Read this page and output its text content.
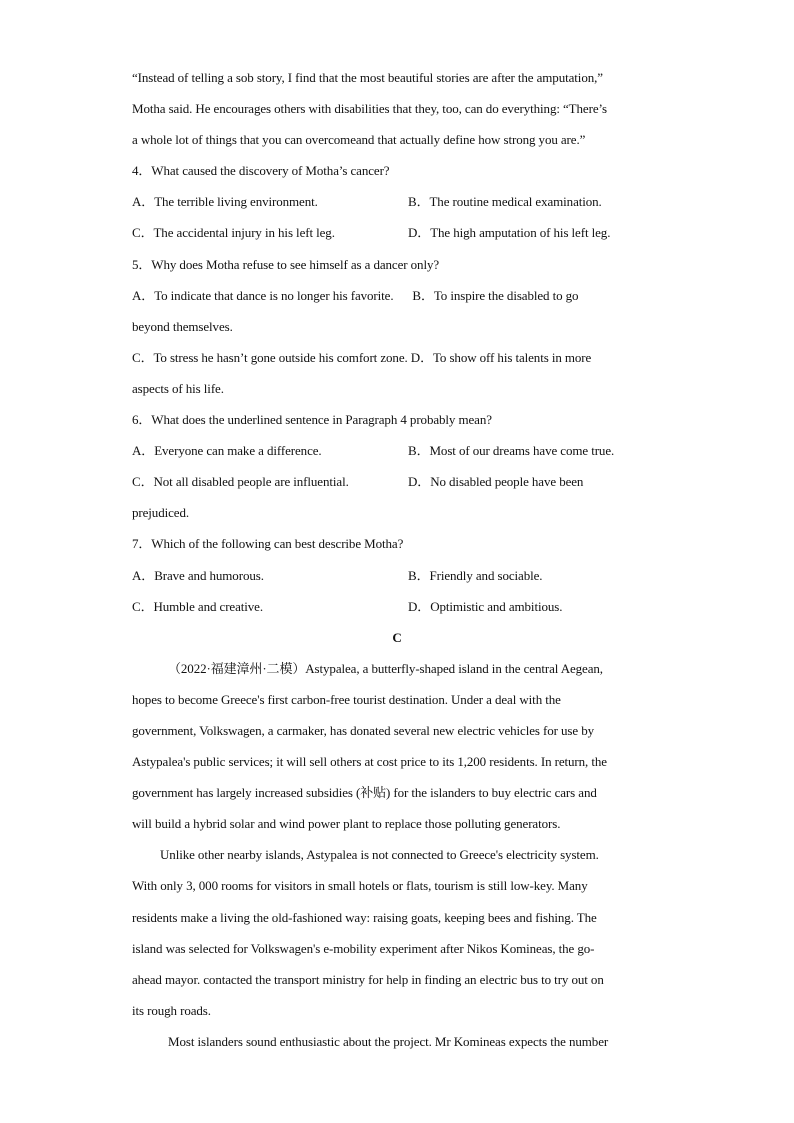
“Instead of telling a sob story, I find that the most beautiful stories are after the amputation,”
Motha said. He encourages others with disabilities that they, too, can do everything: “There’s
a whole lot of things that you can overcomeand that actually define how strong you are.”
4．What caused the discovery of Motha’s cancer?
A．The terrible living environment.	B．The routine medical examination.
C．The accidental injury in his left leg.	D．The high amputation of his left leg.
5．Why does Motha refuse to see himself as a dancer only?
A．To indicate that dance is no longer his favorite.      B．To inspire the disabled to go
beyond themselves.
C．To stress he hasn’t gone outside his comfort zone. D．To show off his talents in more
aspects of his life.
6．What does the underlined sentence in Paragraph 4 probably mean?
A．Everyone can make a difference.	B．Most of our dreams have come true.
C．Not all disabled people are influential.	D．No disabled people have been
prejudiced.
7．Which of the following can best describe Motha?
A．Brave and humorous.	B．Friendly and sociable.
C．Humble and creative.	D．Optimistic and ambitious.
C
（2022·福建漳州·二模）Astypalea, a butterfly-shaped island in the central Aegean,
hopes to become Greece's first carbon-free tourist destination. Under a deal with the
government, Volkswagen, a carmaker, has donated several new electric vehicles for use by
Astypalea's public services; it will sell others at cost price to its 1,200 residents. In return, the
government has largely increased subsidies (补贴) for the islanders to buy electric cars and
will build a hybrid solar and wind power plant to replace those polluting generators.
Unlike other nearby islands, Astypalea is not connected to Greece's electricity system.
With only 3, 000 rooms for visitors in small hotels or flats, tourism is still low-key. Many
residents make a living the old-fashioned way: raising goats, keeping bees and fishing. The
island was selected for Volkswagen's e-mobility experiment after Nikos Komineas, the go-
ahead mayor. contacted the transport ministry for help in finding an electric bus to try out on
its rough roads.
Most islanders sound enthusiastic about the project. Mr Komineas expects the number
